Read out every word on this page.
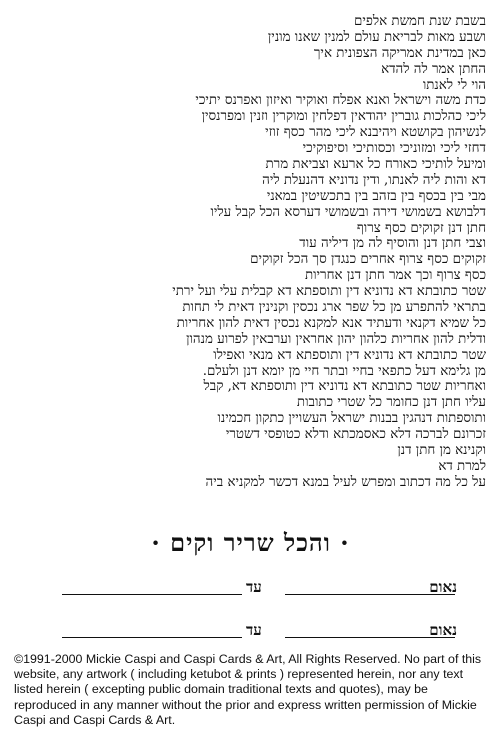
בשבת שנת חמשת אלפים
ושבע מאות לבריאת עולם למנין שאנו מונין
כאן במדינת אמריקה הצפונית איך
החתן אמר לה להדא
הוי לי לאנתו
כדת משה וישראל ואנא אפלח ואוקיר ואיזון ואפרנס יתיכי
ליכי כהלכות גוברין יהודאין דפלחין ומוקרין וזנין ומפרנסין
לנשיהון בקושטא ויהיבנא ליכי מהר כסף זוזי
דחזי ליכי ומזוניכי וכסותיכי וסיפוקיכי
ומיעל לותיכי כאורח כל ארעא וצביאת מרת
דא והות ליה לאנתו, ודין נדוניא דהנעלת ליה
מבי בין בכסף בין בזהב בין בתכשיטין במאני
דלבושא בשמושי דירה ובשמושי דערסא הכל קבל עליו
חתן דנן זקוקים כסף צרוף
וצבי חתן דנן והוסיף לה מן דיליה עוד
זקוקים כסף צרוף אחרים כנגדן סך הכל זקוקים
כסף צרוף וכך אמר חתן דנן אחריות
שטר כתובתא דא נדוניא דין ותוספתא דא קבלית עלי ועל ירתי
בתראי להתפרע מן כל שפר ארג נכסין וקנינין דאית לי תחות
כל שמיא דקנאי ודעתיד אנא למקנא נכסין דאית להון אחריות
ודלית להון אחריות כלהון יהון אחראין וערבאין לפרוע מנהון
שטר כתובתא דא נדוניא דין ותוספתא דא מנאי ואפילו
מן גלימא דעל כתפאי בחיי ובתר חיי מן יומא דנן ולעלם.
ואחריות שטר כתובתא דא נדוניא דין ותוספתא דא, קבל
עליו חתן דנן כחומר כל שטרי כתובות
ותוספתות דנהגין בבנות ישראל העשויין כתקון חכמינו
זכרונם לברכה דלא כאסמכתא ודלא כטופסי דשטרי
וקנינא מן חתן דנן
למרת דא
על כל מה דכתוב ומפרש לעיל במנא דכשר למקניא ביה
· והכל שריר וקים ·
נאום
עד
נאום
עד
©1991-2000 Mickie Caspi and Caspi Cards & Art, All Rights Reserved. No part of this website, any artwork ( including ketubot & prints ) represented herein, nor any text listed herein ( excepting public domain traditional texts and quotes), may be reproduced in any manner without the prior and express written permission of Mickie Caspi and Caspi Cards & Art.
